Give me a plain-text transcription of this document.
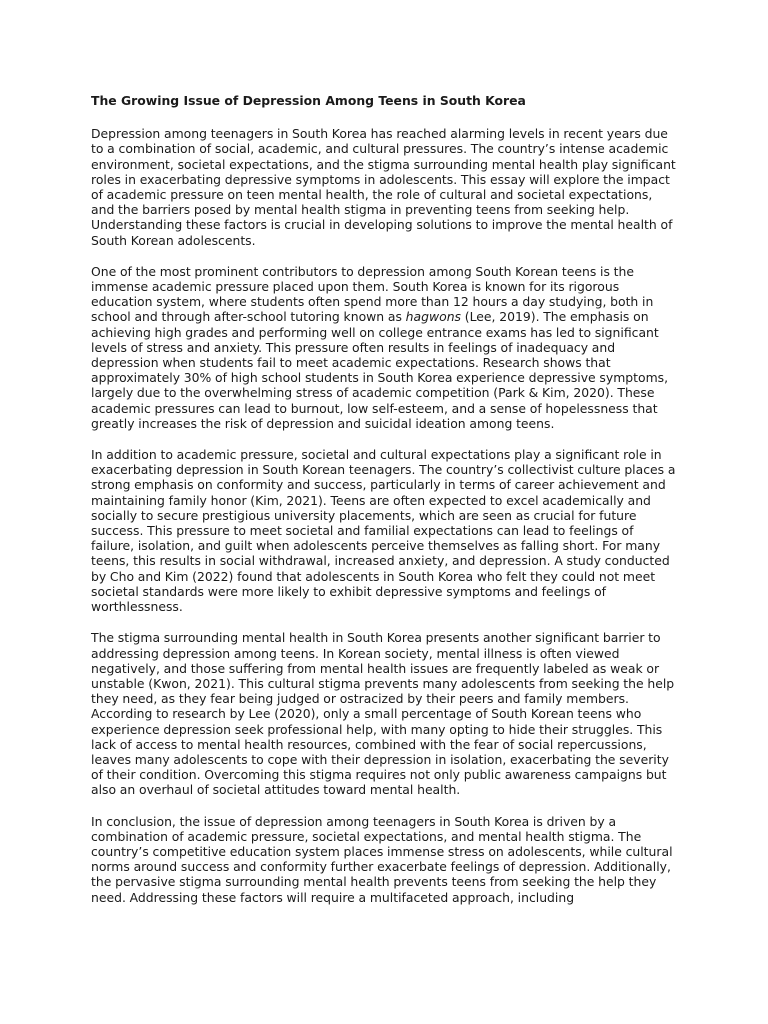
The Growing Issue of Depression Among Teens in South Korea

Depression among teenagers in South Korea has reached alarming levels in recent years due to a combination of social, academic, and cultural pressures. The country’s intense academic environment, societal expectations, and the stigma surrounding mental health play significant roles in exacerbating depressive symptoms in adolescents. This essay will explore the impact of academic pressure on teen mental health, the role of cultural and societal expectations, and the barriers posed by mental health stigma in preventing teens from seeking help. Understanding these factors is crucial in developing solutions to improve the mental health of South Korean adolescents.

One of the most prominent contributors to depression among South Korean teens is the immense academic pressure placed upon them. South Korea is known for its rigorous education system, where students often spend more than 12 hours a day studying, both in school and through after-school tutoring known as hagwons (Lee, 2019). The emphasis on achieving high grades and performing well on college entrance exams has led to significant levels of stress and anxiety. This pressure often results in feelings of inadequacy and depression when students fail to meet academic expectations. Research shows that approximately 30% of high school students in South Korea experience depressive symptoms, largely due to the overwhelming stress of academic competition (Park & Kim, 2020). These academic pressures can lead to burnout, low self-esteem, and a sense of hopelessness that greatly increases the risk of depression and suicidal ideation among teens.

In addition to academic pressure, societal and cultural expectations play a significant role in exacerbating depression in South Korean teenagers. The country’s collectivist culture places a strong emphasis on conformity and success, particularly in terms of career achievement and maintaining family honor (Kim, 2021). Teens are often expected to excel academically and socially to secure prestigious university placements, which are seen as crucial for future success. This pressure to meet societal and familial expectations can lead to feelings of failure, isolation, and guilt when adolescents perceive themselves as falling short. For many teens, this results in social withdrawal, increased anxiety, and depression. A study conducted by Cho and Kim (2022) found that adolescents in South Korea who felt they could not meet societal standards were more likely to exhibit depressive symptoms and feelings of worthlessness.

The stigma surrounding mental health in South Korea presents another significant barrier to addressing depression among teens. In Korean society, mental illness is often viewed negatively, and those suffering from mental health issues are frequently labeled as weak or unstable (Kwon, 2021). This cultural stigma prevents many adolescents from seeking the help they need, as they fear being judged or ostracized by their peers and family members. According to research by Lee (2020), only a small percentage of South Korean teens who experience depression seek professional help, with many opting to hide their struggles. This lack of access to mental health resources, combined with the fear of social repercussions, leaves many adolescents to cope with their depression in isolation, exacerbating the severity of their condition. Overcoming this stigma requires not only public awareness campaigns but also an overhaul of societal attitudes toward mental health.

In conclusion, the issue of depression among teenagers in South Korea is driven by a combination of academic pressure, societal expectations, and mental health stigma. The country’s competitive education system places immense stress on adolescents, while cultural norms around success and conformity further exacerbate feelings of depression. Additionally, the pervasive stigma surrounding mental health prevents teens from seeking the help they need. Addressing these factors will require a multifaceted approach, including
